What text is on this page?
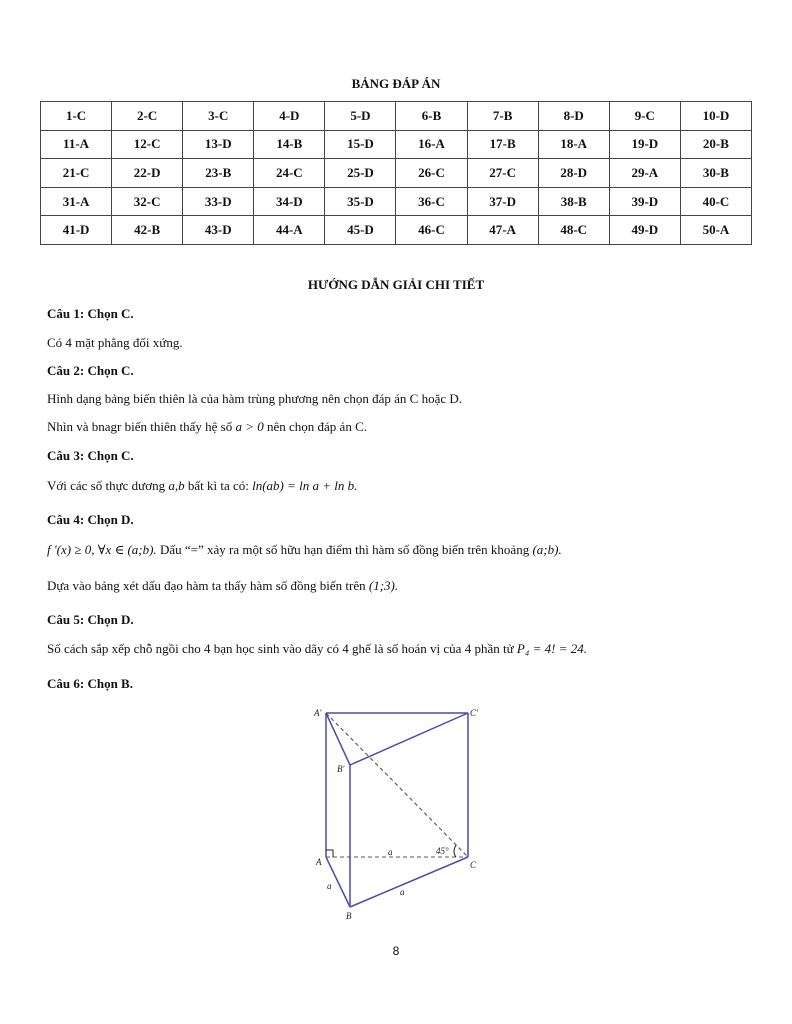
BẢNG ĐÁP ÁN
1-C	2-C	3-C	4-D	5-D	6-B	7-B	8-D	9-C	10-D
11-A	12-C	13-D	14-B	15-D	16-A	17-B	18-A	19-D	20-B
21-C	22-D	23-B	24-C	25-D	26-C	27-C	28-D	29-A	30-B
31-A	32-C	33-D	34-D	35-D	36-C	37-D	38-B	39-D	40-C
41-D	42-B	43-D	44-A	45-D	46-C	47-A	48-C	49-D	50-A
HƯỚNG DẪN GIẢI CHI TIẾT
Câu 1: Chọn C.
Có 4 mặt phẳng đối xứng.
Câu 2: Chọn C.
Hình dạng bảng biến thiên là của hàm trùng phương nên chọn đáp án C hoặc D.
Nhìn và bnagr biến thiên thấy hệ số a > 0 nên chọn đáp án C.
Câu 3: Chọn C.
Với các số thực dương a,b bất kì ta có: ln(ab) = ln a + ln b.
Câu 4: Chọn D.
f '(x) ≥ 0, ∀x ∈ (a;b). Dấu “=” xảy ra một số hữu hạn điểm thì hàm số đồng biến trên khoảng (a;b).
Dựa vào bảng xét dấu đạo hàm ta thấy hàm số đồng biến trên (1;3).
Câu 5: Chọn D.
Số cách sắp xếp chỗ ngồi cho 4 bạn học sinh vào dãy có 4 ghế là số hoán vị của 4 phần tử P₄ = 4! = 24.
Câu 6: Chọn B.
A'
B'
C'
A
B
C
a
a
a
45°
8
